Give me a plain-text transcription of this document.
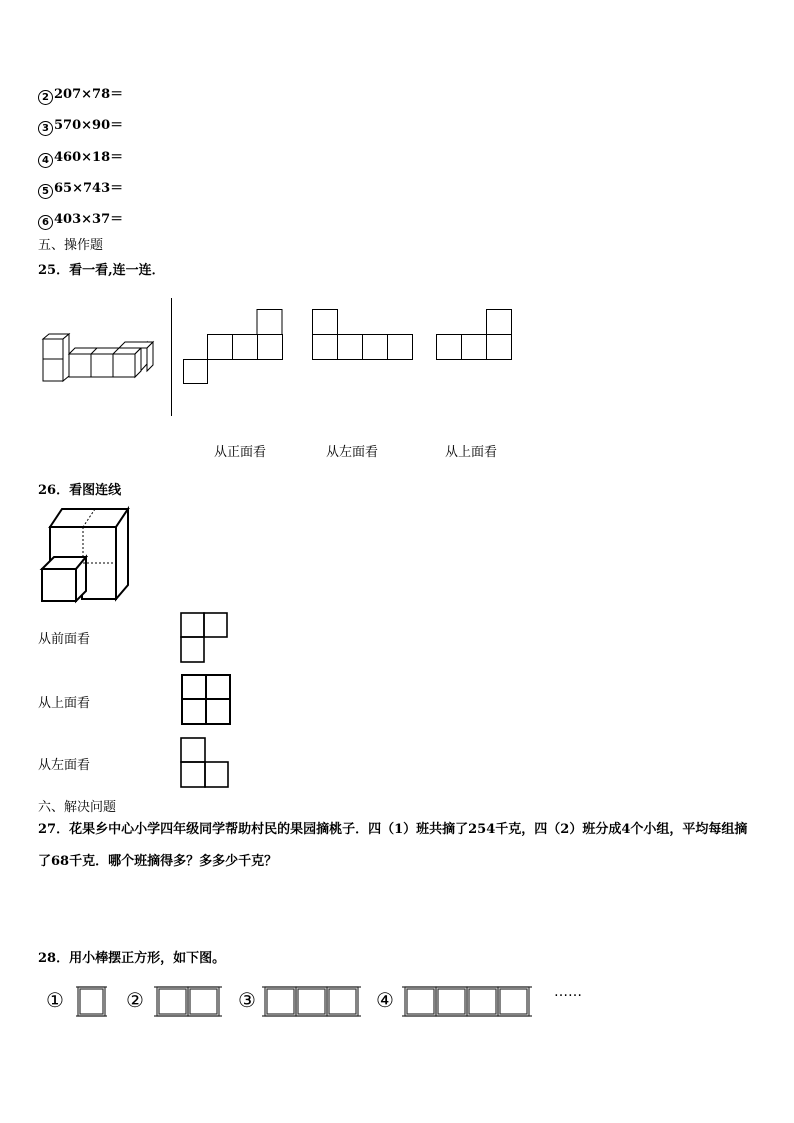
2 207×78＝
3 570×90＝
4 460×18＝
5 65×743＝
6 403×37＝
五、操作题
25．看一看,连一连．
从正面看	从左面看	从上面看
26．看图连线
从前面看
从上面看
从左面看
六、解决问题
27．花果乡中心小学四年级同学帮助村民的果园摘桃子．四（1）班共摘了254千克，四（2）班分成4个小组，平均每组摘了68千克．哪个班摘得多？多多少千克？
28．用小棒摆正方形，如下图。
①	②	③	④	……
